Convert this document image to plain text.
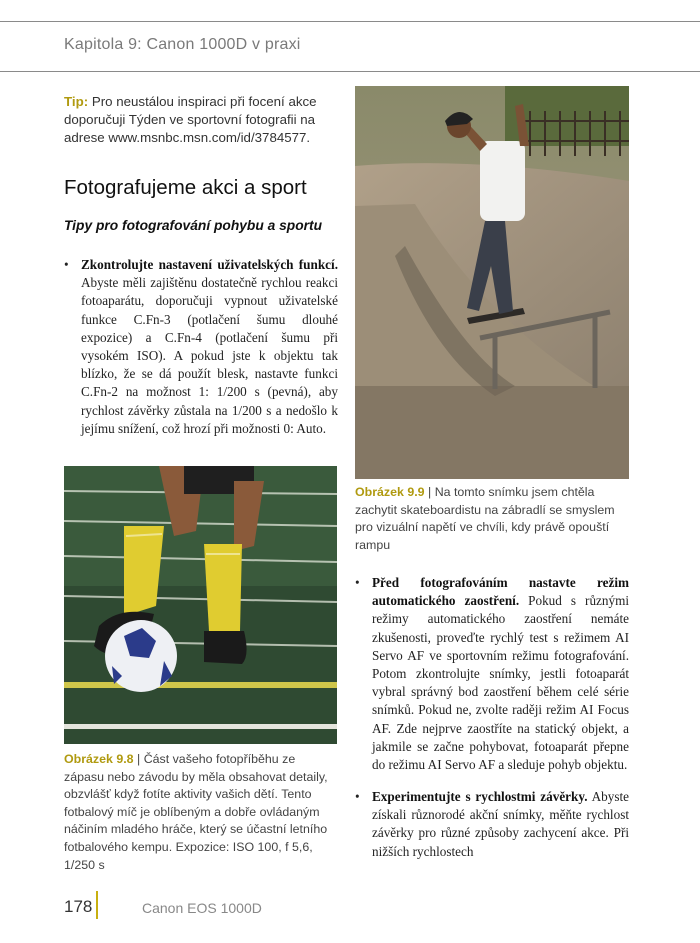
Kapitola 9: Canon 1000D v praxi
Tip: Pro neustálou inspiraci při focení akce doporučuji Týden ve sportovní fotografii na adrese www.msnbc.msn.com/id/3784577.
Fotografujeme akci a sport
Tipy pro fotografování pohybu a sportu
• Zkontrolujte nastavení uživatelských funkcí. Abyste měli zajištěnu dostatečně rychlou reakci fotoaparátu, doporučuji vypnout uživatelské funkce C.Fn-3 (potlačení šumu dlouhé expozice) a C.Fn-4 (potlačení šumu při vysokém ISO). A pokud jste k objektu tak blízko, že se dá použít blesk, nastavte funkci C.Fn-2 na možnost 1: 1/200 s (pevná), aby rychlost závěrky zůstala na 1/200 s a nedošlo k jejímu snížení, což hrozí při možnosti 0: Auto.
Obrázek 9.9 | Na tomto snímku jsem chtěla zachytit skateboardistu na zábradlí se smyslem pro vizuální napětí ve chvíli, kdy právě opouští rampu
Obrázek 9.8 | Část vašeho fotopříběhu ze zápasu nebo závodu by měla obsahovat detaily, obzvlášť když fotíte aktivity vašich dětí. Tento fotbalový míč je oblíbeným a dobře ovládaným náčiním mladého hráče, který se účastní letního fotbalového kempu. Expozice: ISO 100, f 5,6, 1/250 s
• Před fotografováním nastavte režim automatického zaostření. Pokud s různými režimy automatického zaostření nemáte zkušenosti, proveďte rychlý test s režimem AI Servo AF ve sportovním režimu fotografování. Potom zkontrolujte snímky, jestli fotoaparát vybral správný bod zaostření během celé série snímků. Pokud ne, zvolte raději režim AI Focus AF. Zde nejprve zaostříte na statický objekt, a jakmile se začne pohybovat, fotoaparát přepne do režimu AI Servo AF a sleduje pohyb objektu.
• Experimentujte s rychlostmi závěrky. Abyste získali různorodé akční snímky, měňte rychlost závěrky pro různé způsoby zachycení akce. Při nižších rychlostech
178	Canon EOS 1000D
